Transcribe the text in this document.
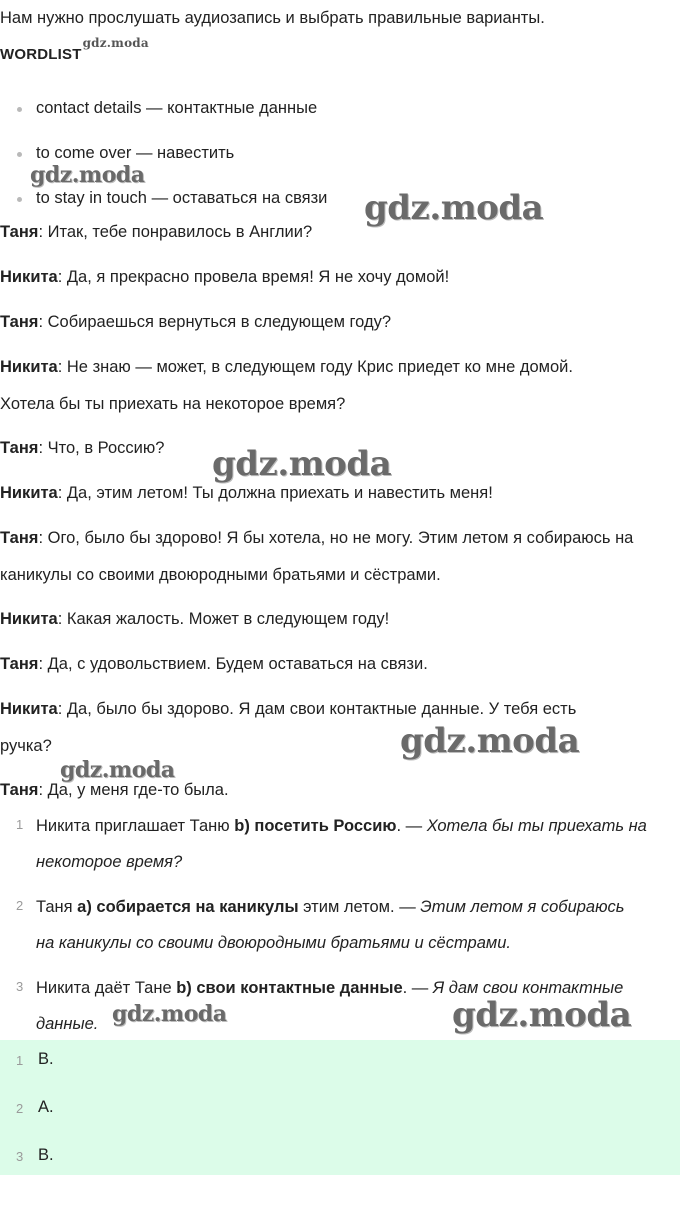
Нам нужно прослушать аудиозапись и выбрать правильные варианты.
$WORDLIST^{gdz.moda}$
contact details — контактные данные
to come over — навестить
to stay in touch — оставаться на связи
Таня: Итак, тебе понравилось в Англии?
Никита: Да, я прекрасно провела время! Я не хочу домой!
Таня: Собираешься вернуться в следующем году?
Никита: Не знаю — может, в следующем году Крис приедет ко мне домой.
Хотела бы ты приехать на некоторое время?
Таня: Что, в Россию?
Никита: Да, этим летом! Ты должна приехать и навестить меня!
Таня: Ого, было бы здорово! Я бы хотела, но не могу. Этим летом я собираюсь на
каникулы со своими двоюродными братьями и сёстрами.
Никита: Какая жалость. Может в следующем году!
Таня: Да, с удовольствием. Будем оставаться на связи.
Никита: Да, было бы здорово. Я дам свои контактные данные. У тебя есть
ручка?
Таня: Да, у меня где-то была.
1 Никита приглашает Таню b) посетить Россию. — Хотела бы ты приехать на
некоторое время?
2 Таня а) собирается на каникулы этим летом. — Этим летом я собираюсь
на каникулы со своими двоюродными братьями и сёстрами.
3 Никита даёт Тане b) свои контактные данные. — Я дам свои контактные
данные.
1 B.
2 A.
3 B.
gdz.moda
gdz.moda
gdz.moda
gdz.moda
gdz.moda
gdz.moda	gdz.moda
